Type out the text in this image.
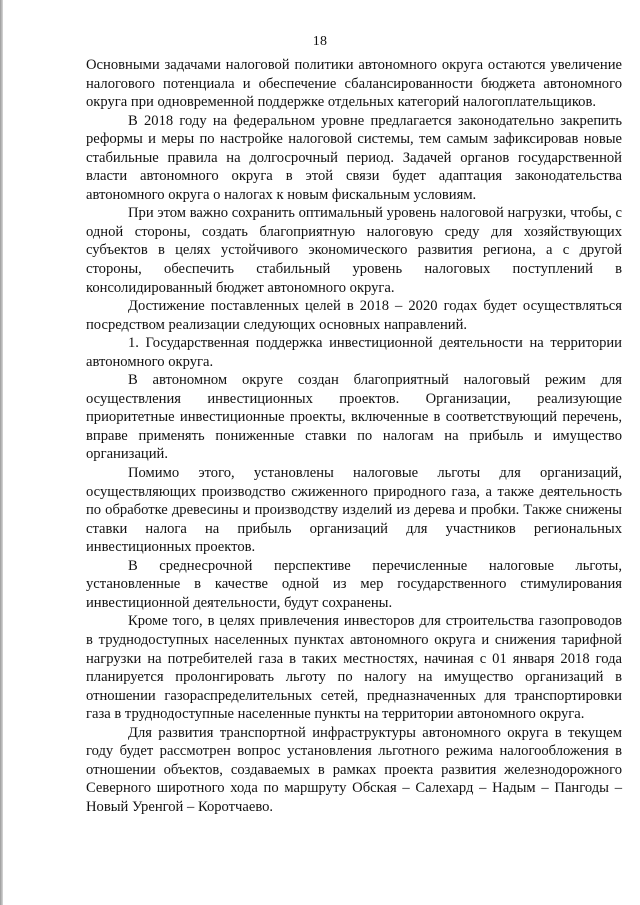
18

Основными задачами налоговой политики автономного округа остаются увеличение налогового потенциала и обеспечение сбалансированности бюджета автономного округа при одновременной поддержке отдельных категорий налогоплательщиков.

В 2018 году на федеральном уровне предлагается законодательно закрепить реформы и меры по настройке налоговой системы, тем самым зафиксировав новые стабильные правила на долгосрочный период. Задачей органов государственной власти автономного округа в этой связи будет адаптация законодательства автономного округа о налогах к новым фискальным условиям.

При этом важно сохранить оптимальный уровень налоговой нагрузки, чтобы, с одной стороны, создать благоприятную налоговую среду для хозяйствующих субъектов в целях устойчивого экономического развития региона, а с другой стороны, обеспечить стабильный уровень налоговых поступлений в консолидированный бюджет автономного округа.

Достижение поставленных целей в 2018 – 2020 годах будет осуществляться посредством реализации следующих основных направлений.

1. Государственная поддержка инвестиционной деятельности на территории автономного округа.

В автономном округе создан благоприятный налоговый режим для осуществления инвестиционных проектов. Организации, реализующие приоритетные инвестиционные проекты, включенные в соответствующий перечень, вправе применять пониженные ставки по налогам на прибыль и имущество организаций.

Помимо этого, установлены налоговые льготы для организаций, осуществляющих производство сжиженного природного газа, а также деятельность по обработке древесины и производству изделий из дерева и пробки. Также снижены ставки налога на прибыль организаций для участников региональных инвестиционных проектов.

В среднесрочной перспективе перечисленные налоговые льготы, установленные в качестве одной из мер государственного стимулирования инвестиционной деятельности, будут сохранены.

Кроме того, в целях привлечения инвесторов для строительства газопроводов в труднодоступных населенных пунктах автономного округа и снижения тарифной нагрузки на потребителей газа в таких местностях, начиная с 01 января 2018 года планируется пролонгировать льготу по налогу на имущество организаций в отношении газораспределительных сетей, предназначенных для транспортировки газа в труднодоступные населенные пункты на территории автономного округа.

Для развития транспортной инфраструктуры автономного округа в текущем году будет рассмотрен вопрос установления льготного режима налогообложения в отношении объектов, создаваемых в рамках проекта развития железнодорожного Северного широтного хода по маршруту Обская – Салехард – Надым – Пангоды – Новый Уренгой – Коротчаево.
